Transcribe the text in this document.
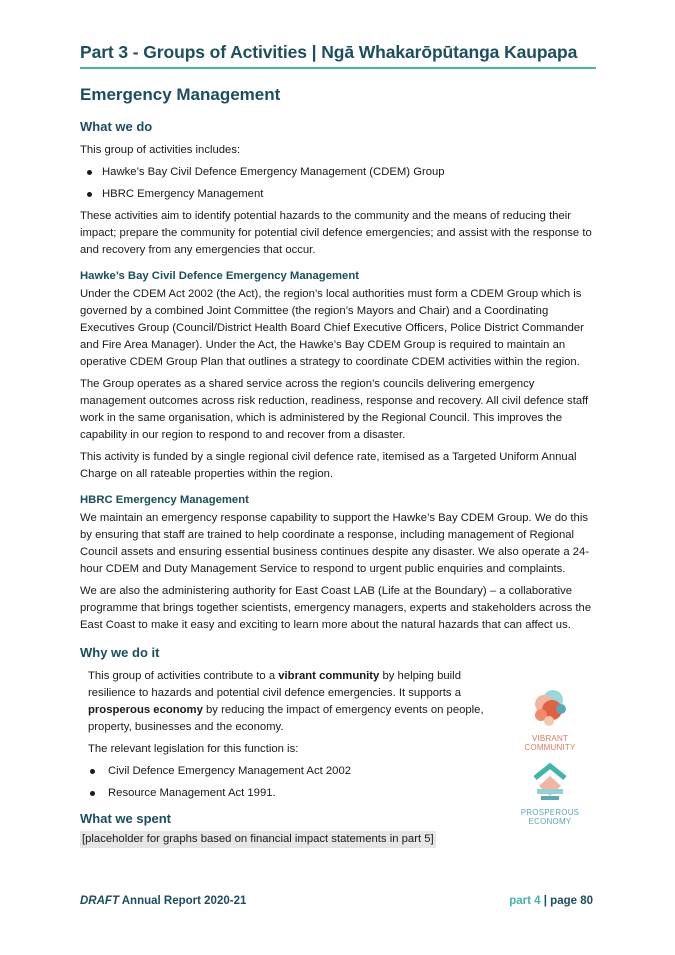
Part 3 - Groups of Activities | Ngā Whakarōpūtanga Kaupapa
Emergency Management
What we do

This group of activities includes:

Hawke’s Bay Civil Defence Emergency Management (CDEM) Group
HBRC Emergency Management

These activities aim to identify potential hazards to the community and the means of reducing their impact; prepare the community for potential civil defence emergencies; and assist with the response to and recovery from any emergencies that occur.

Hawke’s Bay Civil Defence Emergency Management

Under the CDEM Act 2002 (the Act), the region’s local authorities must form a CDEM Group which is governed by a combined Joint Committee (the region’s Mayors and Chair) and a Coordinating Executives Group (Council/District Health Board Chief Executive Officers, Police District Commander and Fire Area Manager). Under the Act, the Hawke’s Bay CDEM Group is required to maintain an operative CDEM Group Plan that outlines a strategy to coordinate CDEM activities within the region.

The Group operates as a shared service across the region’s councils delivering emergency management outcomes across risk reduction, readiness, response and recovery. All civil defence staff work in the same organisation, which is administered by the Regional Council. This improves the capability in our region to respond to and recover from a disaster.

This activity is funded by a single regional civil defence rate, itemised as a Targeted Uniform Annual Charge on all rateable properties within the region.

HBRC Emergency Management

We maintain an emergency response capability to support the Hawke’s Bay CDEM Group. We do this by ensuring that staff are trained to help coordinate a response, including management of Regional Council assets and ensuring essential business continues despite any disaster. We also operate a 24-hour CDEM and Duty Management Service to respond to urgent public enquiries and complaints.

We are also the administering authority for East Coast LAB (Life at the Boundary) – a collaborative programme that brings together scientists, emergency managers, experts and stakeholders across the East Coast to make it easy and exciting to learn more about the natural hazards that can affect us.

Why we do it

This group of activities contribute to a vibrant community by helping build resilience to hazards and potential civil defence emergencies. It supports a prosperous economy by reducing the impact of emergency events on people, property, businesses and the economy.

The relevant legislation for this function is:

Civil Defence Emergency Management Act 2002
Resource Management Act 1991.
VIBRANT
COMMUNITY
PROSPEROUS
ECONOMY
What we spent
[placeholder for graphs based on financial impact statements in part 5]
DRAFT Annual Report 2020-21	part 4 | page 80
